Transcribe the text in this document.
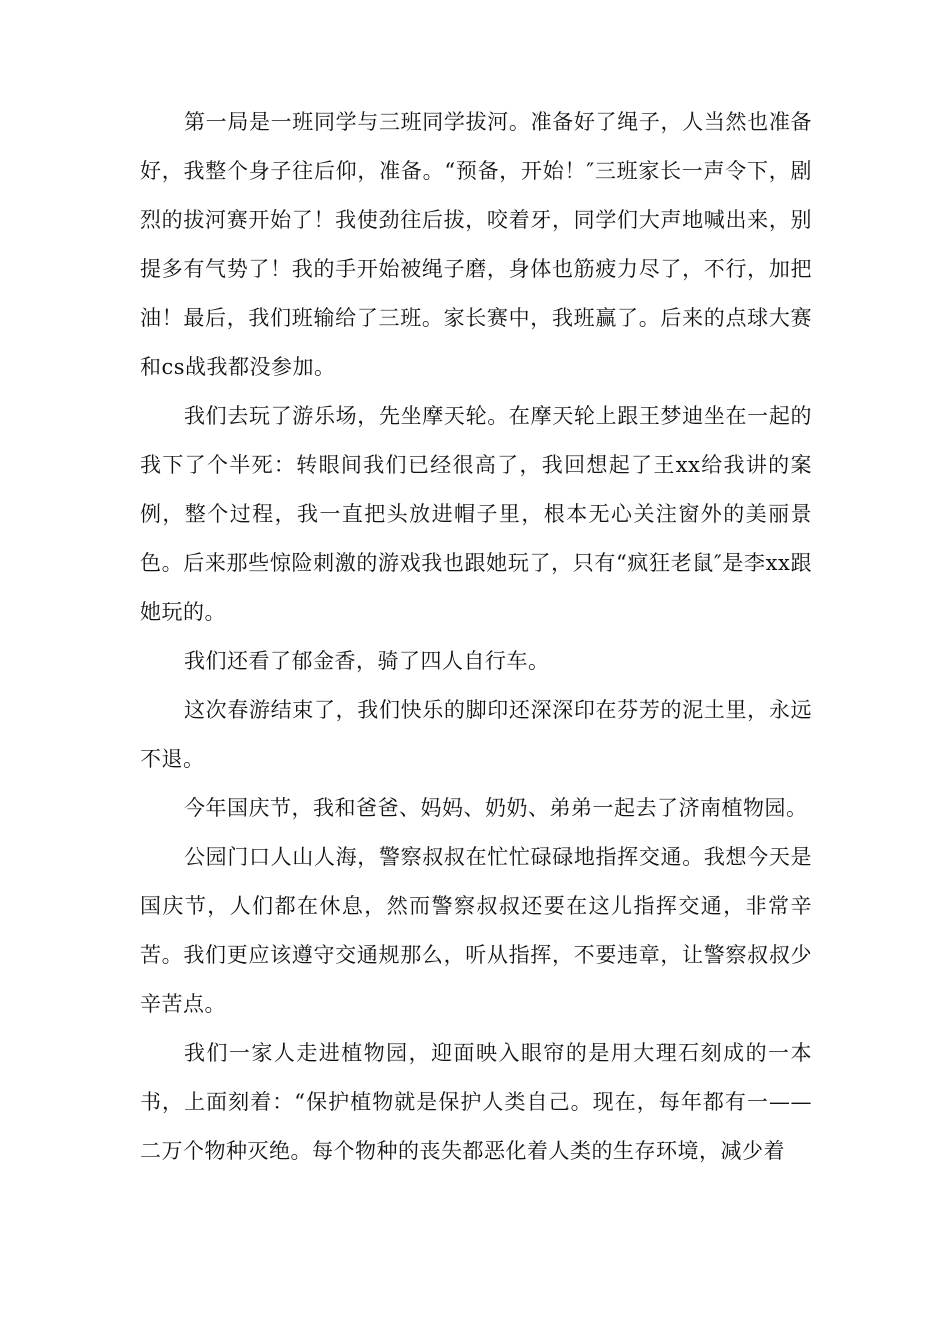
第一局是一班同学与三班同学拔河。准备好了绳子，人当然也准备好，我整个身子往后仰，准备。“预备，开始！″三班家长一声令下，剧烈的拔河赛开始了！我使劲往后拔，咬着牙，同学们大声地喊出来，别提多有气势了！我的手开始被绳子磨，身体也筋疲力尽了，不行，加把油！最后，我们班输给了三班。家长赛中，我班赢了。后来的点球大赛和cs战我都没参加。

我们去玩了游乐场，先坐摩天轮。在摩天轮上跟王梦迪坐在一起的我下了个半死：转眼间我们已经很高了，我回想起了王xx给我讲的案例，整个过程，我一直把头放进帽子里，根本无心关注窗外的美丽景色。后来那些惊险刺激的游戏我也跟她玩了，只有“疯狂老鼠″是李xx跟她玩的。

我们还看了郁金香，骑了四人自行车。

这次春游结束了，我们快乐的脚印还深深印在芬芳的泥土里，永远不退。

今年国庆节，我和爸爸、妈妈、奶奶、弟弟一起去了济南植物园。

公园门口人山人海，警察叔叔在忙忙碌碌地指挥交通。我想今天是国庆节，人们都在休息，然而警察叔叔还要在这儿指挥交通，非常辛苦。我们更应该遵守交通规那么，听从指挥，不要违章，让警察叔叔少辛苦点。

我们一家人走进植物园，迎面映入眼帘的是用大理石刻成的一本书，上面刻着：“保护植物就是保护人类自己。现在，每年都有一——二万个物种灭绝。每个物种的丧失都恶化着人类的生存环境，减少着
